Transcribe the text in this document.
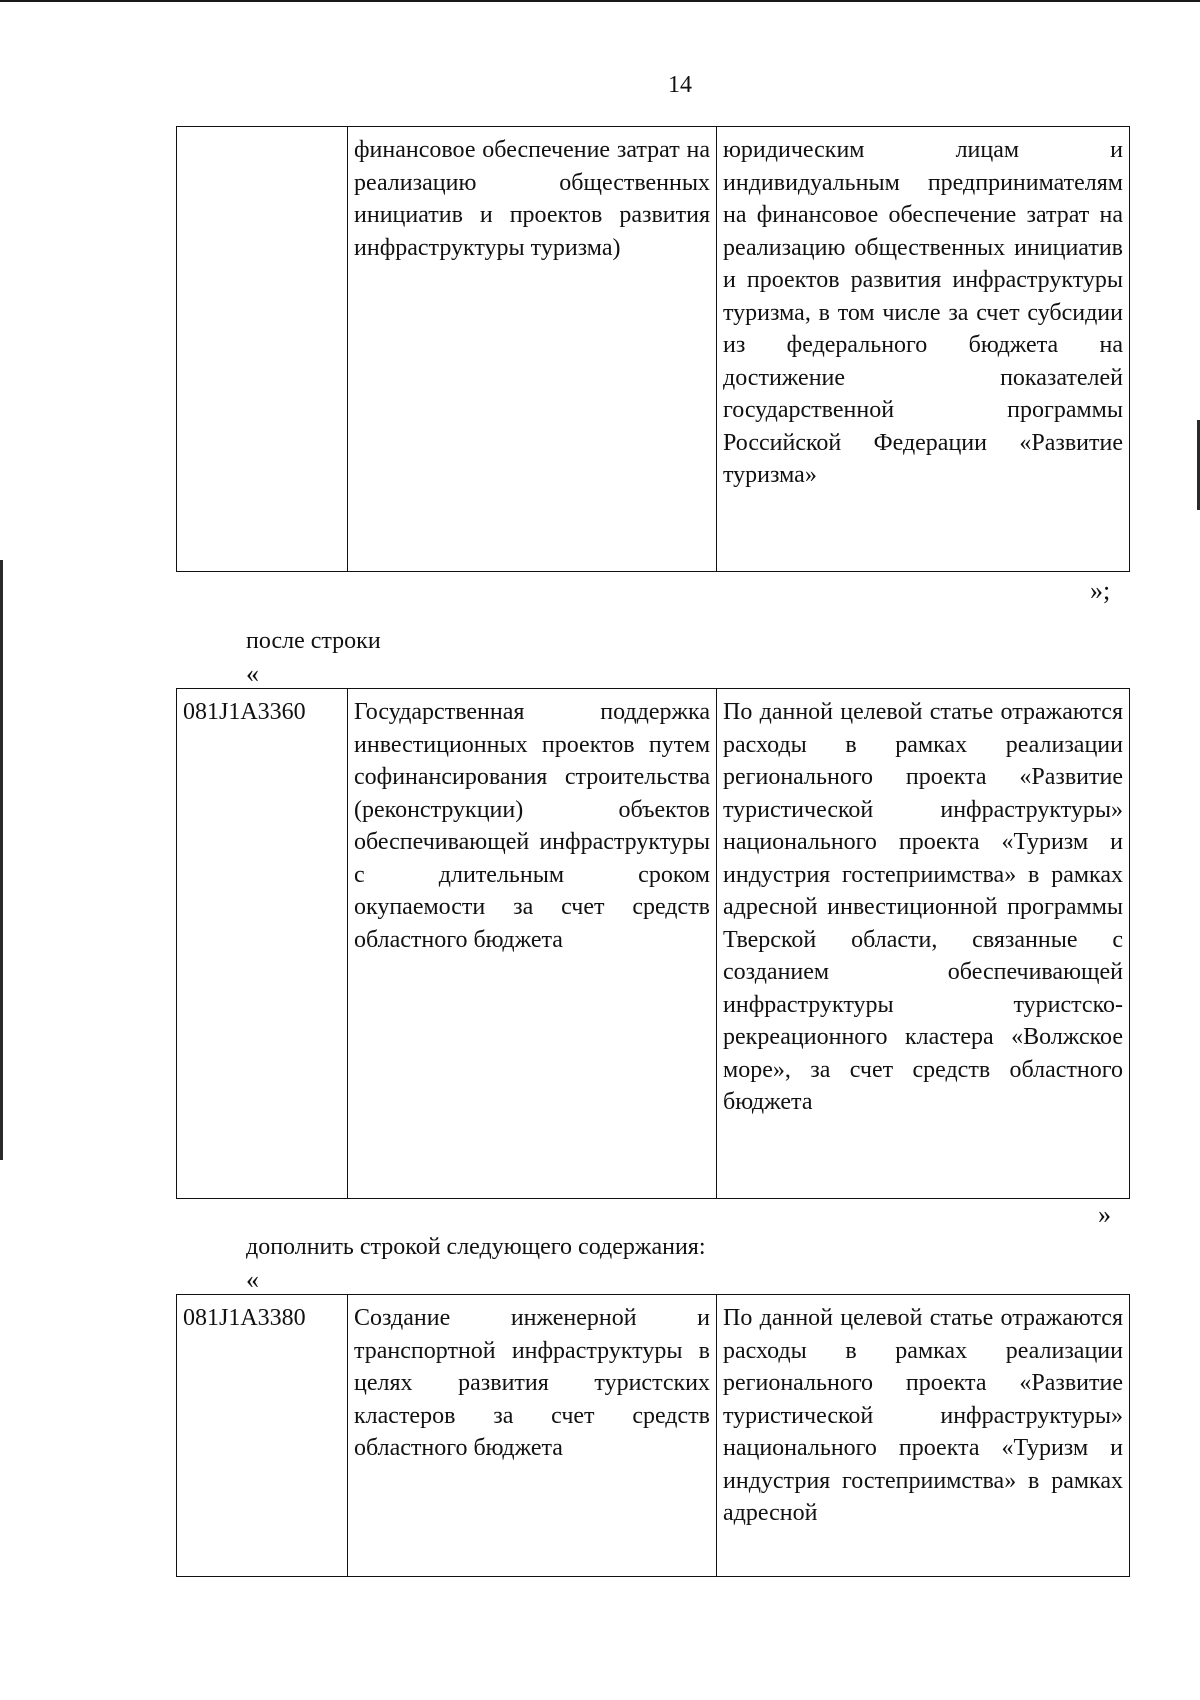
14
	финансовое обеспечение затрат на реализацию общественных инициатив и проектов развития инфраструктуры туризма)	юридическим лицам и индивидуальным предпринимателям на финансовое обеспечение затрат на реализацию общественных инициатив и проектов развития инфраструктуры туризма, в том числе за счет субсидии из федерального бюджета на достижение показателей государственной программы Российской Федерации «Развитие туризма»
»;
после строки
«
081J1A3360	Государственная поддержка инвестиционных проектов путем софинансирования строительства (реконструкции) объектов обеспечивающей инфраструктуры с длительным сроком окупаемости за счет средств областного бюджета	По данной целевой статье отражаются расходы в рамках реализации регионального проекта «Развитие туристической инфраструктуры» национального проекта «Туризм и индустрия гостеприимства» в рамках адресной инвестиционной программы Тверской области, связанные с созданием обеспечивающей инфраструктуры туристско-рекреационного кластера «Волжское море», за счет средств областного бюджета
»
дополнить строкой следующего содержания:
«
081J1A3380	Создание инженерной и транспортной инфраструктуры в целях развития туристских кластеров за счет средств областного бюджета	По данной целевой статье отражаются расходы в рамках реализации регионального проекта «Развитие туристической инфраструктуры» национального проекта «Туризм и индустрия гостеприимства» в рамках адресной
